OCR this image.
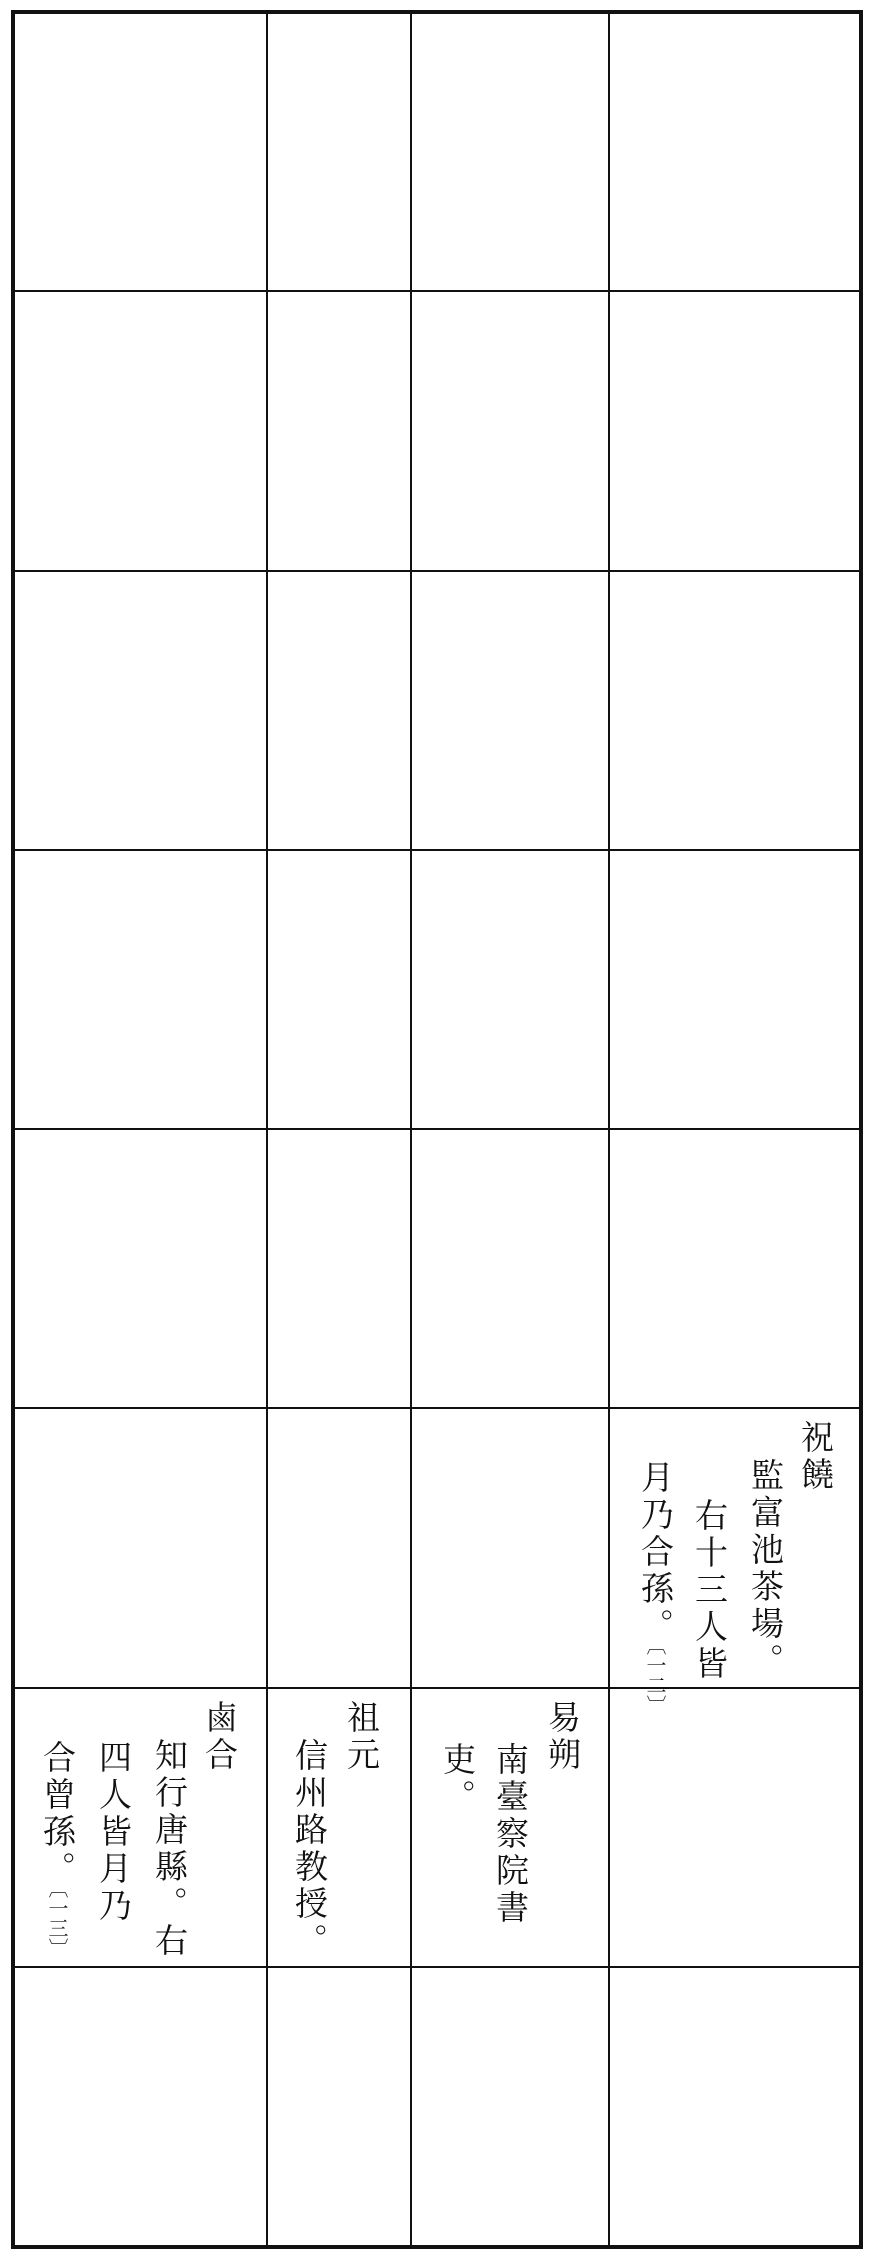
祝饒
監富池茶場。
右十三人皆
月乃合孫。〔一二〕
鹵合
知行唐縣。右
四人皆月乃
合曾孫。〔一三〕
祖元
信州路教授。
易朔
南臺察院書
吏。
